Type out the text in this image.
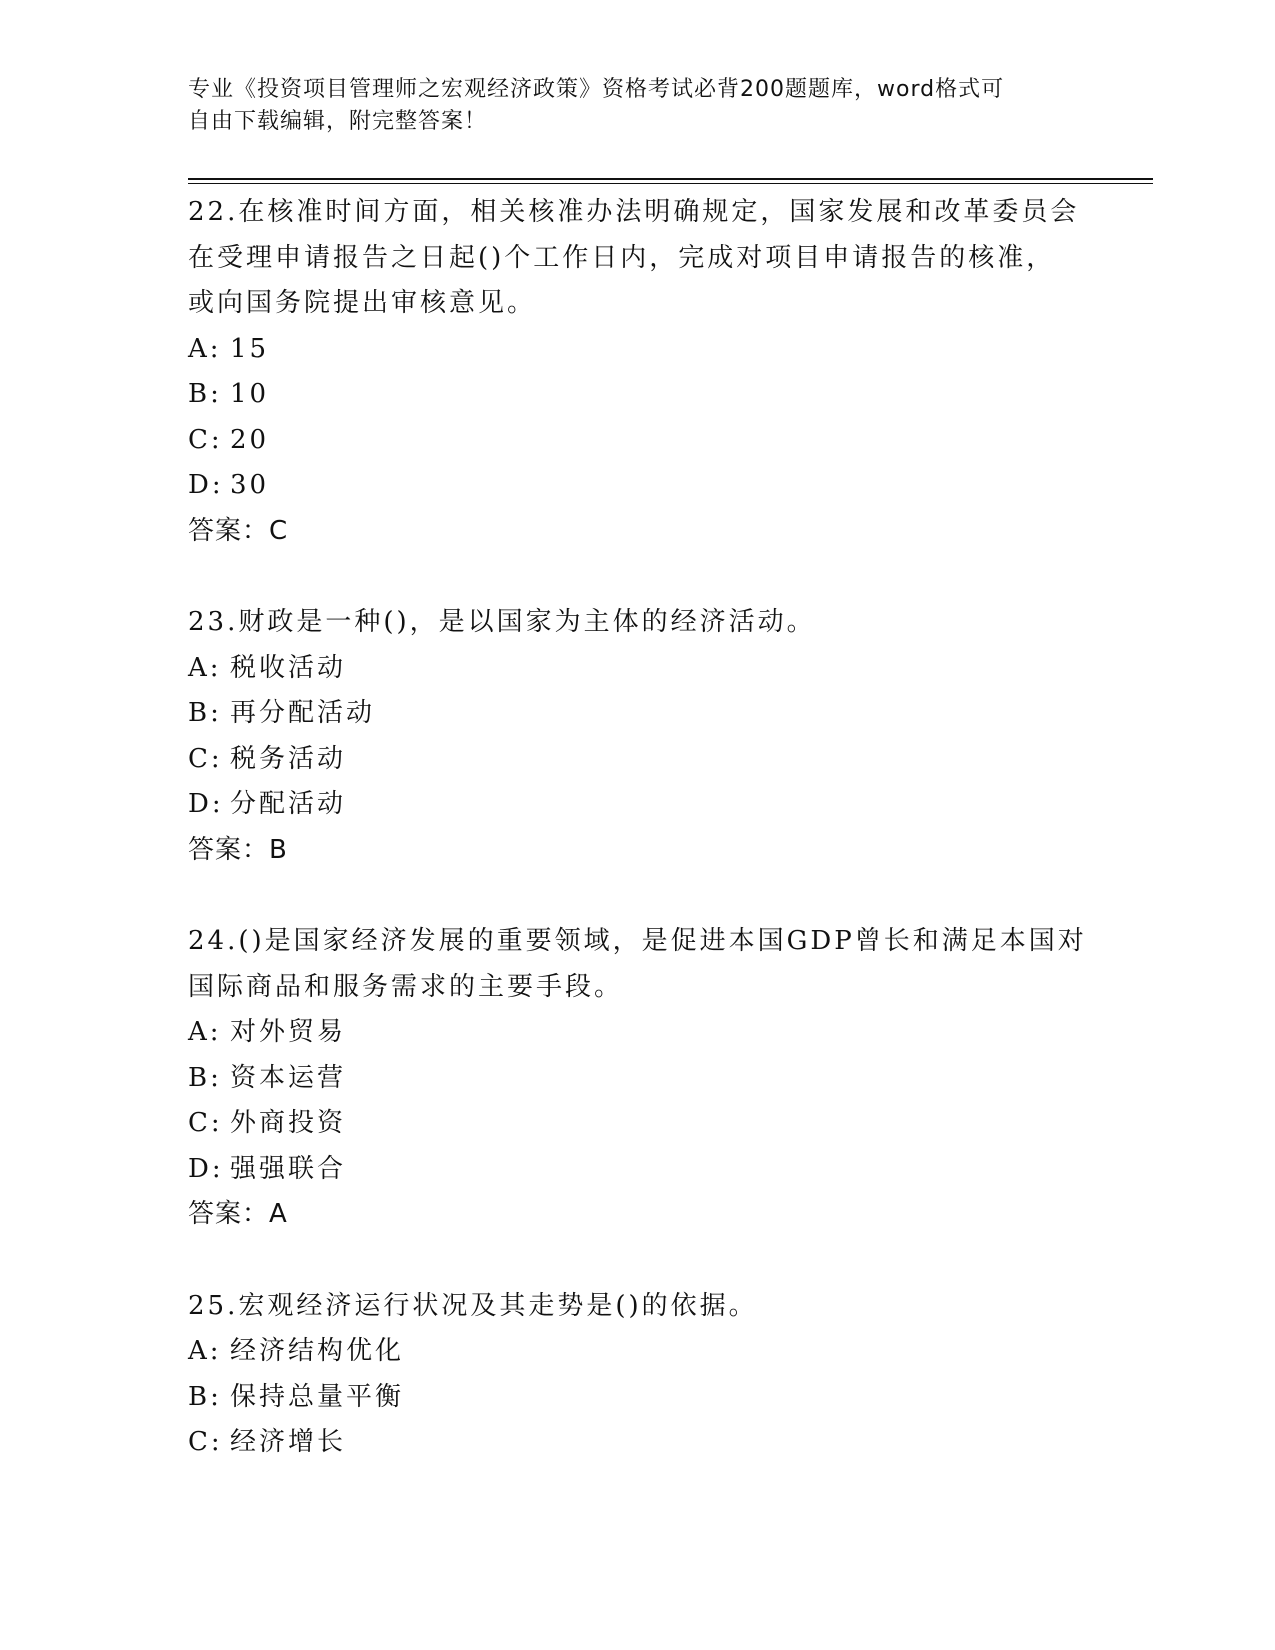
专业《投资项目管理师之宏观经济政策》资格考试必背200题题库，word格式可
自由下载编辑，附完整答案！
22.在核准时间方面，相关核准办法明确规定，国家发展和改革委员会
在受理申请报告之日起()个工作日内，完成对项目申请报告的核准，
或向国务院提出审核意见。
A: 15
B: 10
C: 20
D: 30
答案：C
23.财政是一种()，是以国家为主体的经济活动。
A: 税收活动
B: 再分配活动
C: 税务活动
D: 分配活动
答案：B
24.()是国家经济发展的重要领域，是促进本国GDP曾长和满足本国对
国际商品和服务需求的主要手段。
A: 对外贸易
B: 资本运营
C: 外商投资
D: 强强联合
答案：A
25.宏观经济运行状况及其走势是()的依据。
A: 经济结构优化
B: 保持总量平衡
C: 经济增长
